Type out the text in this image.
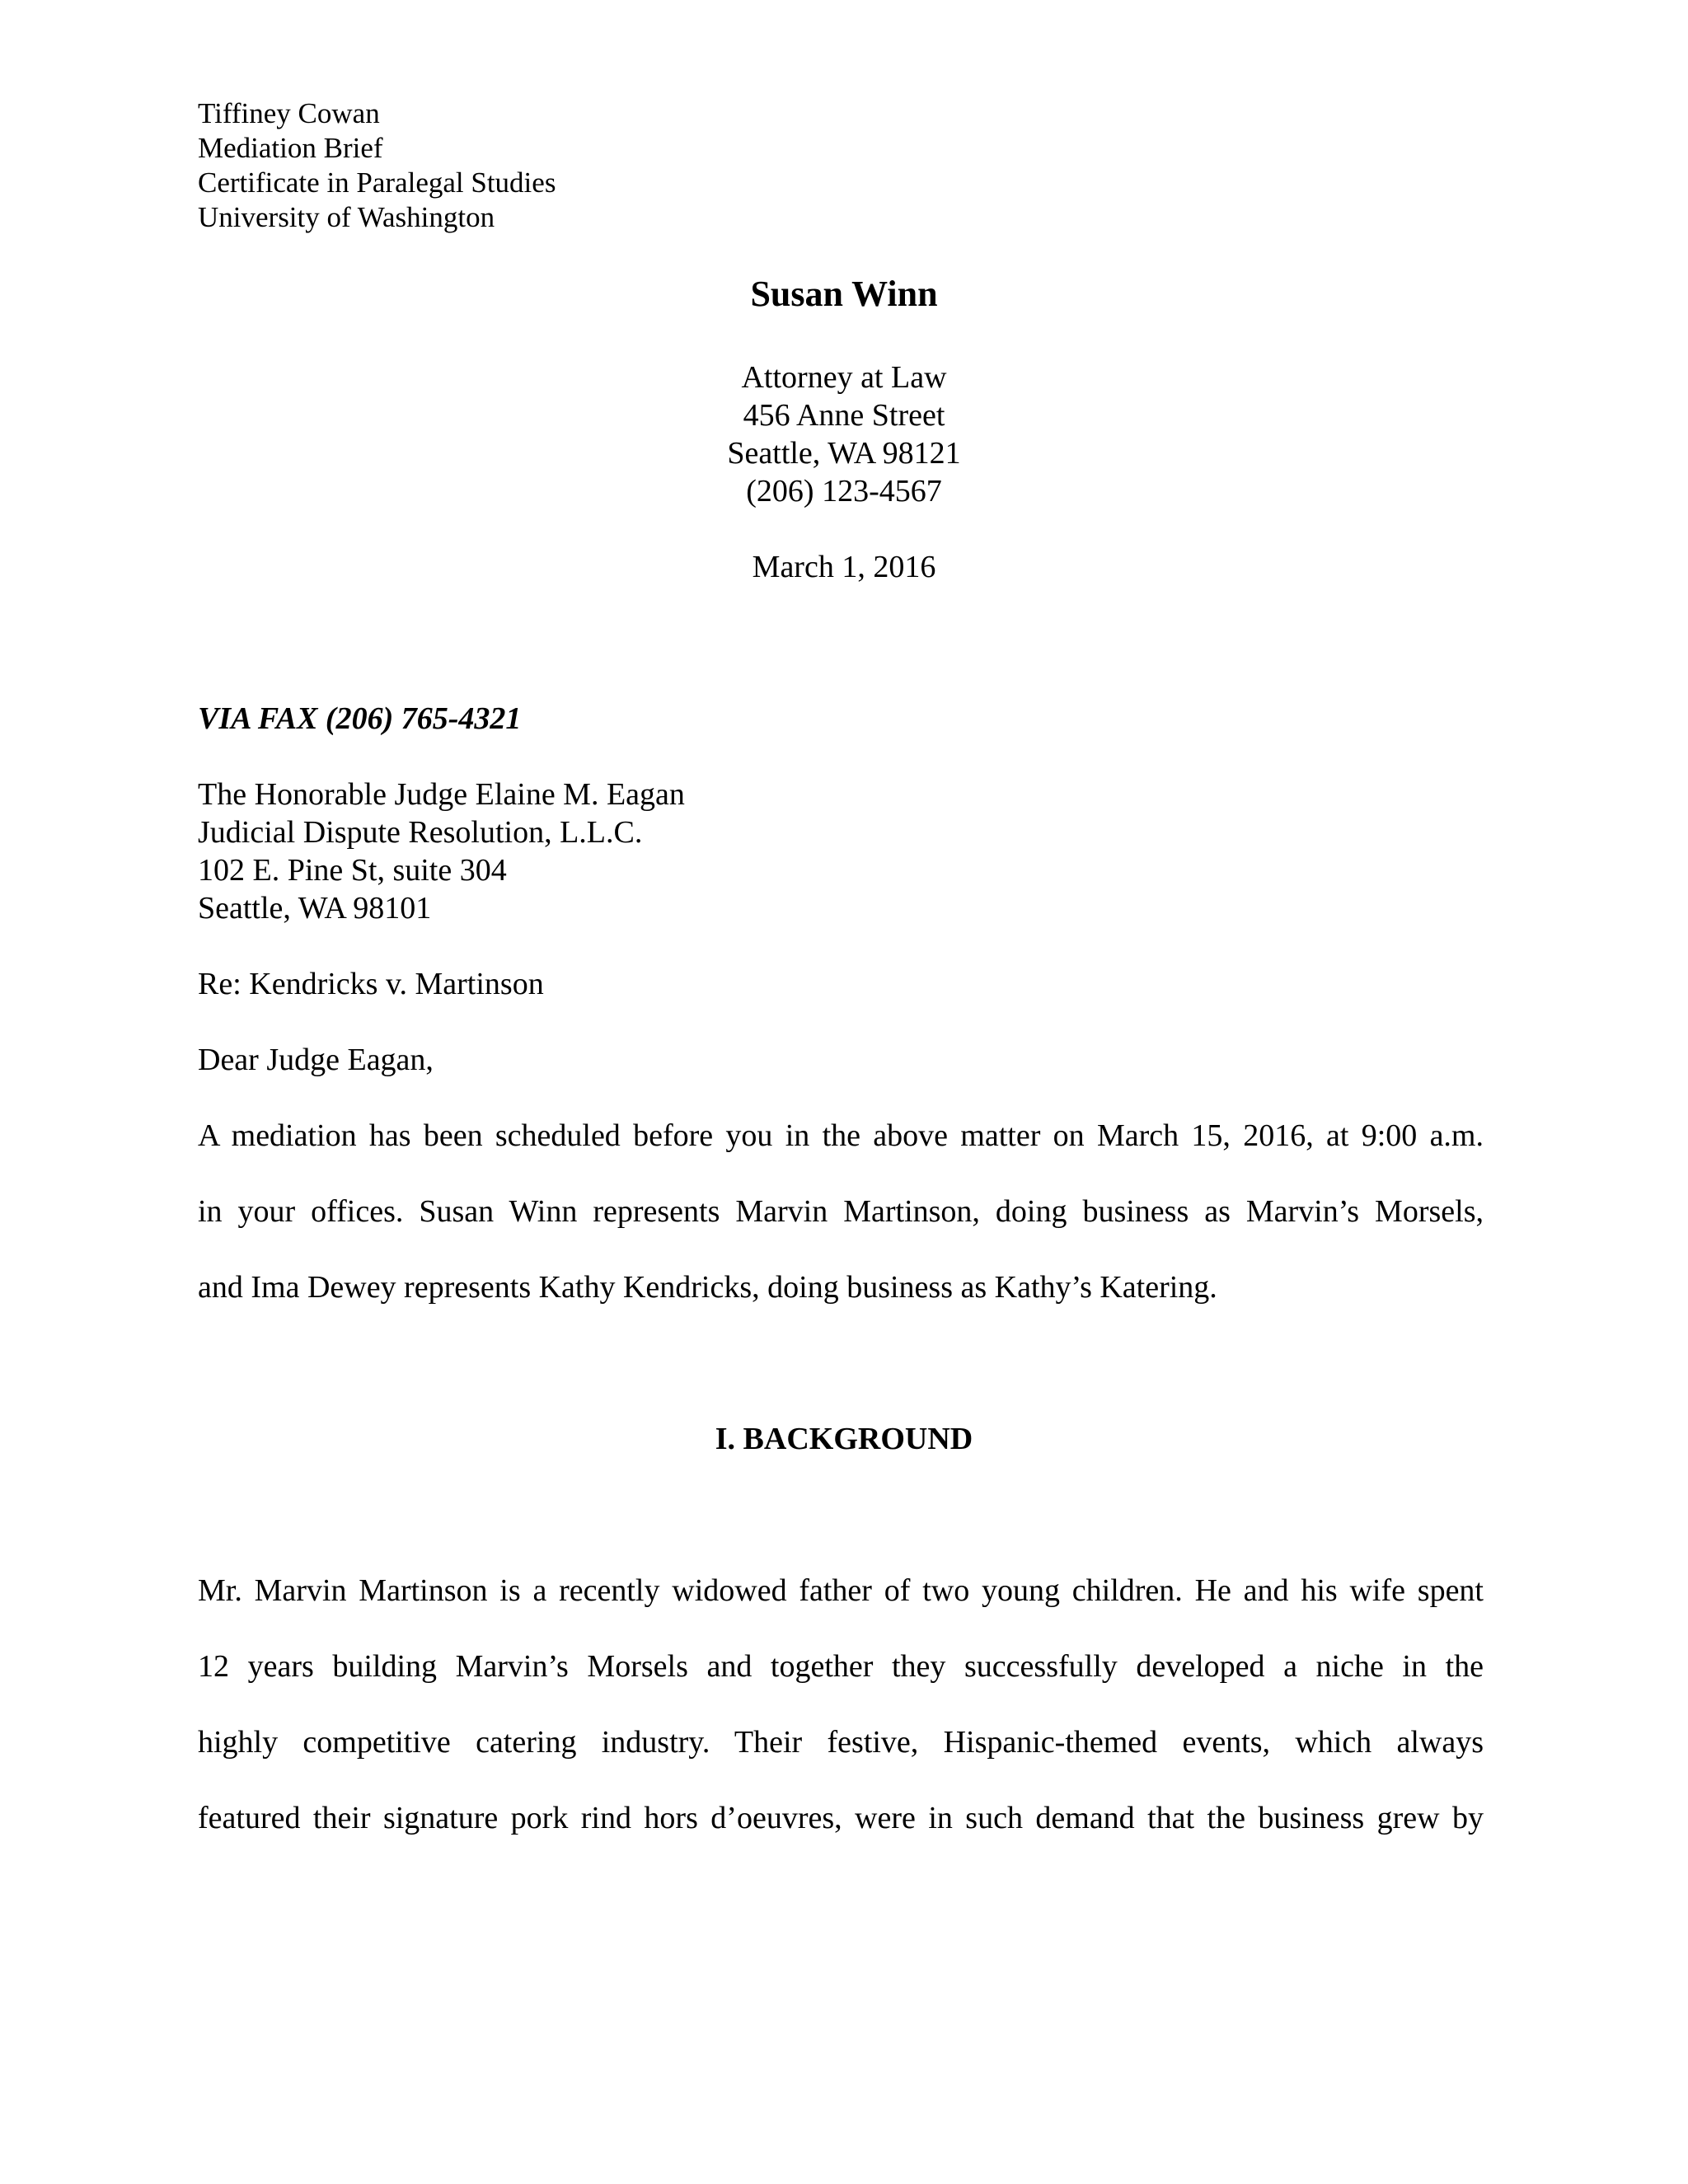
Tiffiney Cowan

Mediation Brief

Certificate in Paralegal Studies

University of Washington

Susan Winn

Attorney at Law

456 Anne Street

Seattle, WA 98121

(206) 123-4567

March 1, 2016

VIA FAX (206) 765-4321

The Honorable Judge Elaine M. Eagan

Judicial Dispute Resolution, L.L.C.

102 E. Pine St, suite 304

Seattle, WA 98101

Re: Kendricks v. Martinson

Dear Judge Eagan,

A mediation has been scheduled before you in the above matter on March 15, 2016, at 9:00 a.m.

in your offices. Susan Winn represents Marvin Martinson, doing business as Marvin’s Morsels,

and Ima Dewey represents Kathy Kendricks, doing business as Kathy’s Katering.

I. BACKGROUND

Mr. Marvin Martinson is a recently widowed father of two young children. He and his wife spent

12 years building Marvin’s Morsels and together they successfully developed a niche in the

highly competitive catering industry. Their festive, Hispanic-themed events, which always

featured their signature pork rind hors d’oeuvres, were in such demand that the business grew by
